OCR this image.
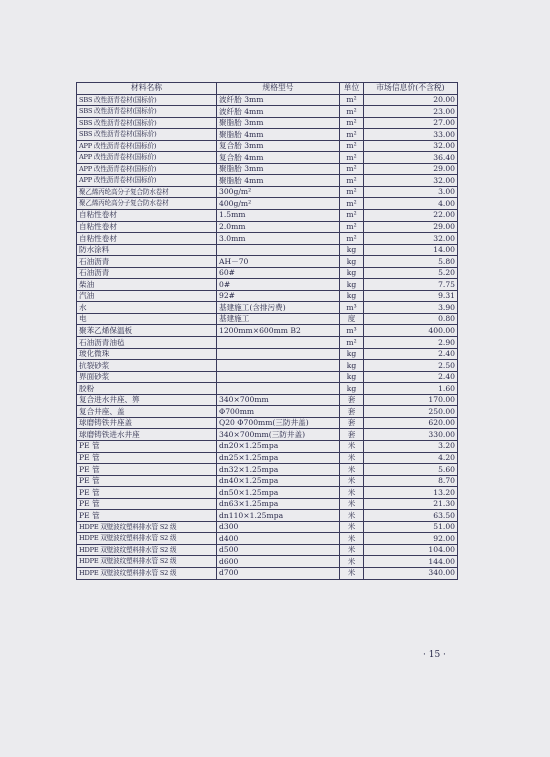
材料名称	规格型号	单位	市场信息价(不含税)
SBS 改性沥青卷材(国标价)	波纤胎 3mm	m²	20.00
SBS 改性沥青卷材(国标价)	波纤胎 4mm	m²	23.00
SBS 改性沥青卷材(国标价)	聚脂胎 3mm	m²	27.00
SBS 改性沥青卷材(国标价)	聚脂胎 4mm	m²	33.00
APP 改性沥青卷材(国标价)	复合胎 3mm	m²	32.00
APP 改性沥青卷材(国标价)	复合胎 4mm	m²	36.40
APP 改性沥青卷材(国标价)	聚脂胎 3mm	m²	29.00
APP 改性沥青卷材(国标价)	聚脂胎 4mm	m²	32.00
聚乙烯丙纶高分子复合防水卷材	300g/m²	m²	3.00
聚乙烯丙纶高分子复合防水卷材	400g/m²	m²	4.00
自粘性卷材	1.5mm	m²	22.00
自粘性卷材	2.0mm	m²	29.00
自粘性卷材	3.0mm	m²	32.00
防水涂料		kg	14.00
石油沥青	AH－70	kg	5.80
石油沥青	60#	kg	5.20
柴油	0#	kg	7.75
汽油	92#	kg	9.31
水	基建施工(含排污费)	m³	3.90
电	基建施工	度	0.80
聚苯乙烯保温板	1200mm×600mm B2	m³	400.00
石油沥青油毡		m²	2.90
玻化微珠		kg	2.40
抗裂砂浆		kg	2.50
界面砂浆		kg	2.40
胶粉		kg	1.60
复合进水井座、箅	340×700mm	套	170.00
复合井座、盖	Φ700mm	套	250.00
球磨铸铁井座盖	Q20 Φ700mm(三防井盖)	套	620.00
球磨铸铁进水井座	340×700mm(三防井盖)	套	330.00
PE 管	dn20×1.25mpa	米	3.20
PE 管	dn25×1.25mpa	米	4.20
PE 管	dn32×1.25mpa	米	5.60
PE 管	dn40×1.25mpa	米	8.70
PE 管	dn50×1.25mpa	米	13.20
PE 管	dn63×1.25mpa	米	21.30
PE 管	dn110×1.25mpa	米	63.50
HDPE 双壁波纹塑料排水管 S2 级	d300	米	51.00
HDPE 双壁波纹塑料排水管 S2 级	d400	米	92.00
HDPE 双壁波纹塑料排水管 S2 级	d500	米	104.00
HDPE 双壁波纹塑料排水管 S2 级	d600	米	144.00
HDPE 双壁波纹塑料排水管 S2 级	d700	米	340.00
· 15 ·
